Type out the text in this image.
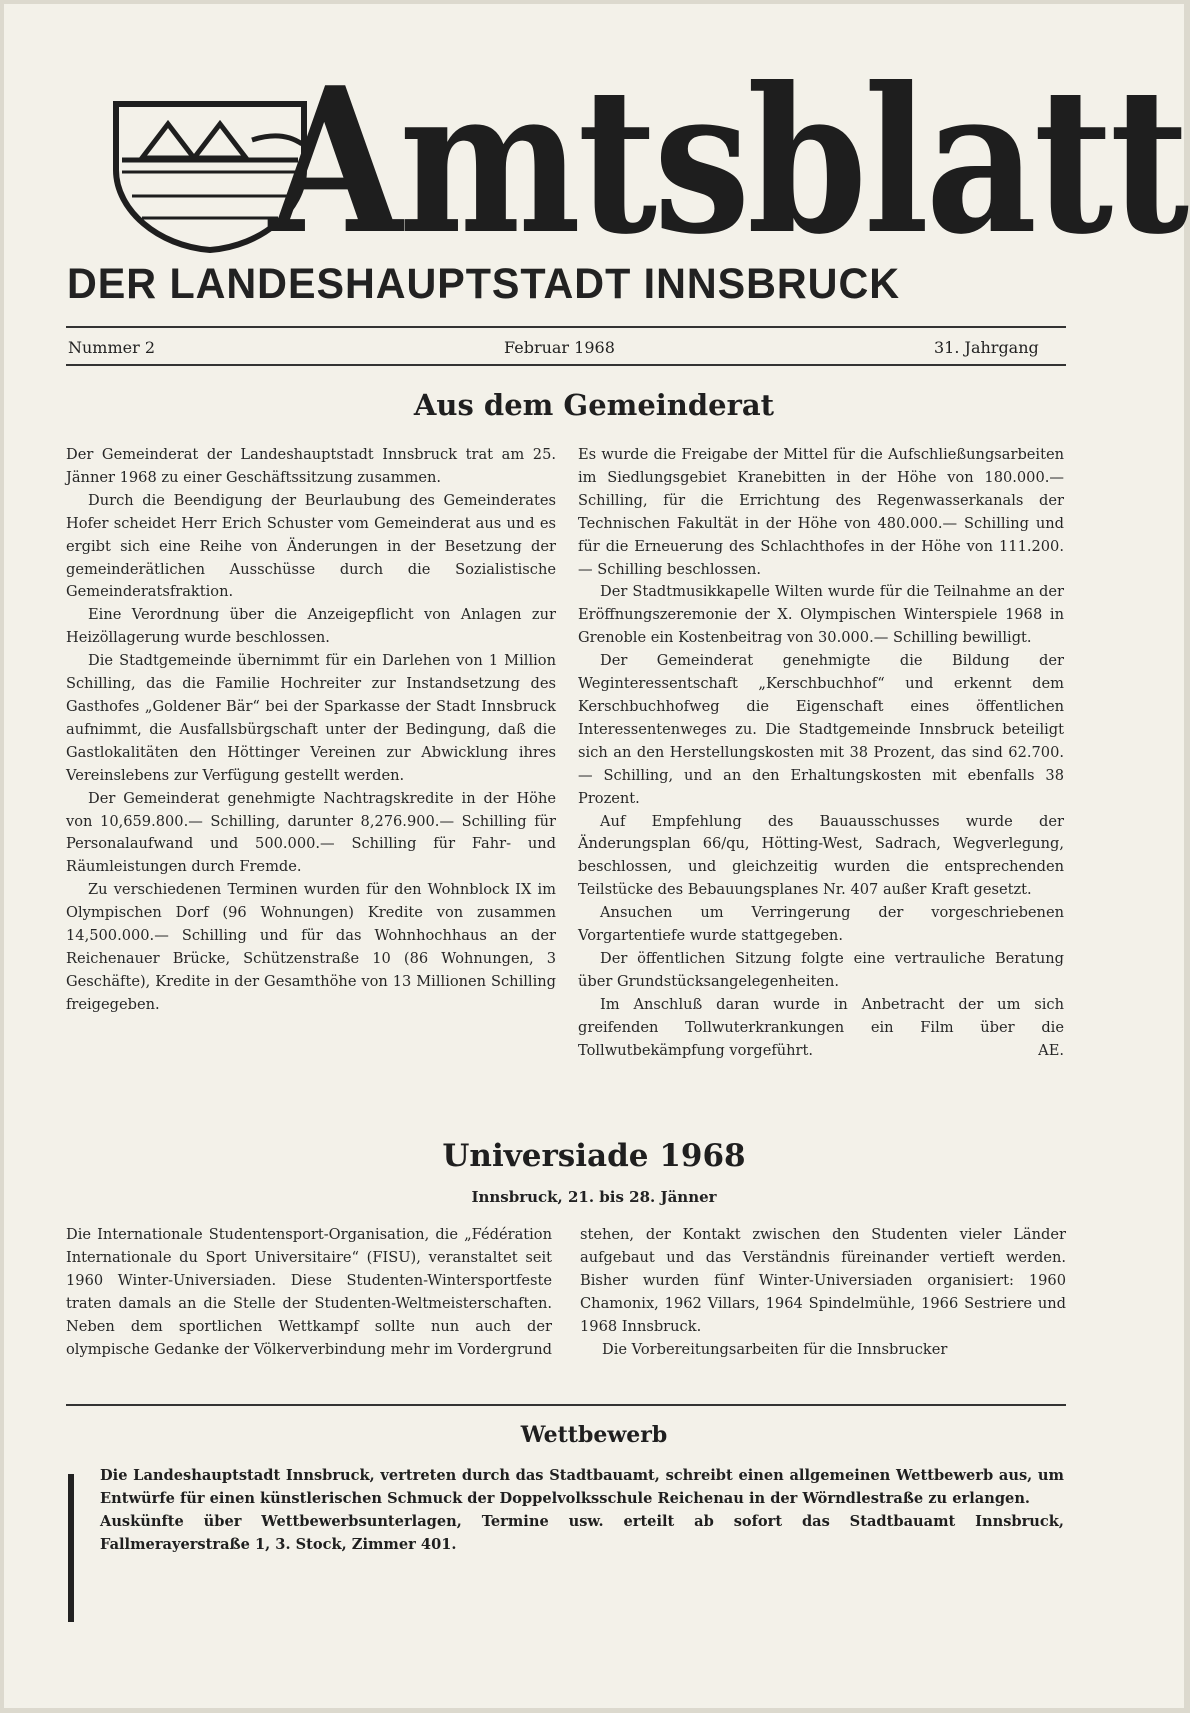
Amtsblatt
DER LANDESHAUPTSTADT INNSBRUCK
Nummer 2	Februar 1968	31. Jahrgang
Aus dem Gemeinderat

Der Gemeinderat der Landeshauptstadt Innsbruck trat am 25. Jänner 1968 zu einer Geschäftssitzung zusammen.

Durch die Beendigung der Beurlaubung des Gemeinderates Hofer scheidet Herr Erich Schuster vom Gemeinderat aus und es ergibt sich eine Reihe von Änderungen in der Besetzung der gemeinderätlichen Ausschüsse durch die Sozialistische Gemeinderatsfraktion.

Eine Verordnung über die Anzeigepflicht von Anlagen zur Heizöllagerung wurde beschlossen.

Die Stadtgemeinde übernimmt für ein Darlehen von 1 Million Schilling, das die Familie Hochreiter zur Instandsetzung des Gasthofes „Goldener Bär“ bei der Sparkasse der Stadt Innsbruck aufnimmt, die Ausfallsbürgschaft unter der Bedingung, daß die Gastlokalitäten den Höttinger Vereinen zur Abwicklung ihres Vereinslebens zur Verfügung gestellt werden.

Der Gemeinderat genehmigte Nachtragskredite in der Höhe von 10,659.800.— Schilling, darunter 8,276.900.— Schilling für Personalaufwand und 500.000.— Schilling für Fahr- und Räumleistungen durch Fremde.

Zu verschiedenen Terminen wurden für den Wohnblock IX im Olympischen Dorf (96 Wohnungen) Kredite von zusammen 14,500.000.— Schilling und für das Wohnhochhaus an der Reichenauer Brücke, Schützenstraße 10 (86 Wohnungen, 3 Geschäfte), Kredite in der Gesamthöhe von 13 Millionen Schilling freigegeben.

Es wurde die Freigabe der Mittel für die Aufschließungsarbeiten im Siedlungsgebiet Kranebitten in der Höhe von 180.000.— Schilling, für die Errichtung des Regenwasserkanals der Technischen Fakultät in der Höhe von 480.000.— Schilling und für die Erneuerung des Schlachthofes in der Höhe von 111.200.— Schilling beschlossen.

Der Stadtmusikkapelle Wilten wurde für die Teilnahme an der Eröffnungszeremonie der X. Olympischen Winterspiele 1968 in Grenoble ein Kostenbeitrag von 30.000.— Schilling bewilligt.

Der Gemeinderat genehmigte die Bildung der Weginteressentschaft „Kerschbuchhof“ und erkennt dem Kerschbuchhofweg die Eigenschaft eines öffentlichen Interessentenweges zu. Die Stadtgemeinde Innsbruck beteiligt sich an den Herstellungskosten mit 38 Prozent, das sind 62.700.— Schilling, und an den Erhaltungskosten mit ebenfalls 38 Prozent.

Auf Empfehlung des Bauausschusses wurde der Änderungsplan 66/qu, Hötting-West, Sadrach, Wegverlegung, beschlossen, und gleichzeitig wurden die entsprechenden Teilstücke des Bebauungsplanes Nr. 407 außer Kraft gesetzt.

Ansuchen um Verringerung der vorgeschriebenen Vorgartentiefe wurde stattgegeben.

Der öffentlichen Sitzung folgte eine vertrauliche Beratung über Grundstücksangelegenheiten.

Im Anschluß daran wurde in Anbetracht der um sich greifenden Tollwuterkrankungen ein Film über die Tollwutbekämpfung vorgeführt.	AE.

Universiade 1968
Innsbruck, 21. bis 28. Jänner

Die Internationale Studentensport-Organisation, die „Fédération Internationale du Sport Universitaire“ (FISU), veranstaltet seit 1960 Winter-Universiaden. Diese Studenten-Wintersportfeste traten damals an die Stelle der Studenten-Weltmeisterschaften. Neben dem sportlichen Wettkampf sollte nun auch der olympische Gedanke der Völkerverbindung mehr im Vordergrund stehen, der Kontakt zwischen den Studenten vieler Länder aufgebaut und das Verständnis füreinander vertieft werden. Bisher wurden fünf Winter-Universiaden organisiert: 1960 Chamonix, 1962 Villars, 1964 Spindelmühle, 1966 Sestriere und 1968 Innsbruck.

Die Vorbereitungsarbeiten für die Innsbrucker

Wettbewerb

Die Landeshauptstadt Innsbruck, vertreten durch das Stadtbauamt, schreibt einen allgemeinen Wettbewerb aus, um Entwürfe für einen künstlerischen Schmuck der Doppelvolksschule Reichenau in der Wörndlestraße zu erlangen.

Auskünfte über Wettbewerbsunterlagen, Termine usw. erteilt ab sofort das Stadtbauamt Innsbruck, Fallmerayerstraße 1, 3. Stock, Zimmer 401.
